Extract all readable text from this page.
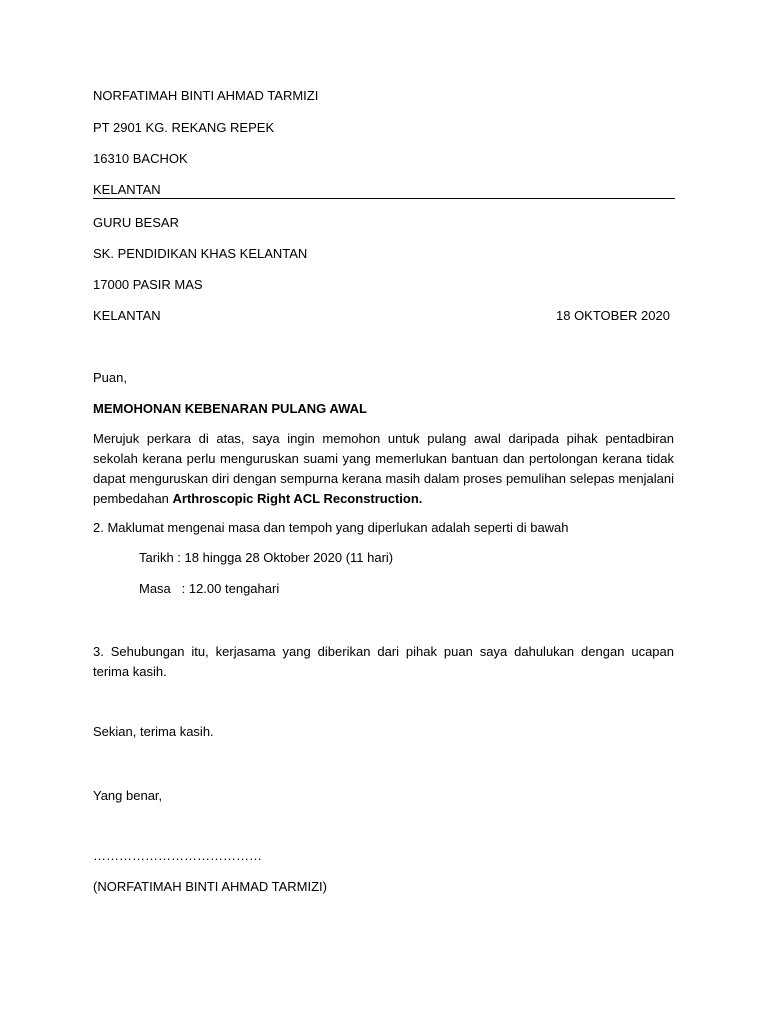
NORFATIMAH BINTI AHMAD TARMIZI
PT 2901 KG. REKANG REPEK
16310 BACHOK
KELANTAN
GURU BESAR
SK. PENDIDIKAN KHAS KELANTAN
17000 PASIR MAS
KELANTAN	18 OKTOBER 2020
Puan,
MEMOHONAN KEBENARAN PULANG AWAL
Merujuk perkara di atas, saya ingin memohon untuk pulang awal daripada pihak pentadbiran sekolah kerana perlu menguruskan suami yang memerlukan bantuan dan pertolongan kerana tidak dapat menguruskan diri dengan sempurna kerana masih dalam proses pemulihan selepas menjalani pembedahan Arthroscopic Right ACL Reconstruction.
2. Maklumat mengenai masa dan tempoh yang diperlukan adalah seperti di bawah
Tarikh : 18 hingga 28 Oktober 2020 (11 hari)
Masa   : 12.00 tengahari
3. Sehubungan itu, kerjasama yang diberikan dari pihak puan saya dahulukan dengan ucapan terima kasih.
Sekian, terima kasih.
Yang benar,
…………………………………
(NORFATIMAH BINTI AHMAD TARMIZI)
